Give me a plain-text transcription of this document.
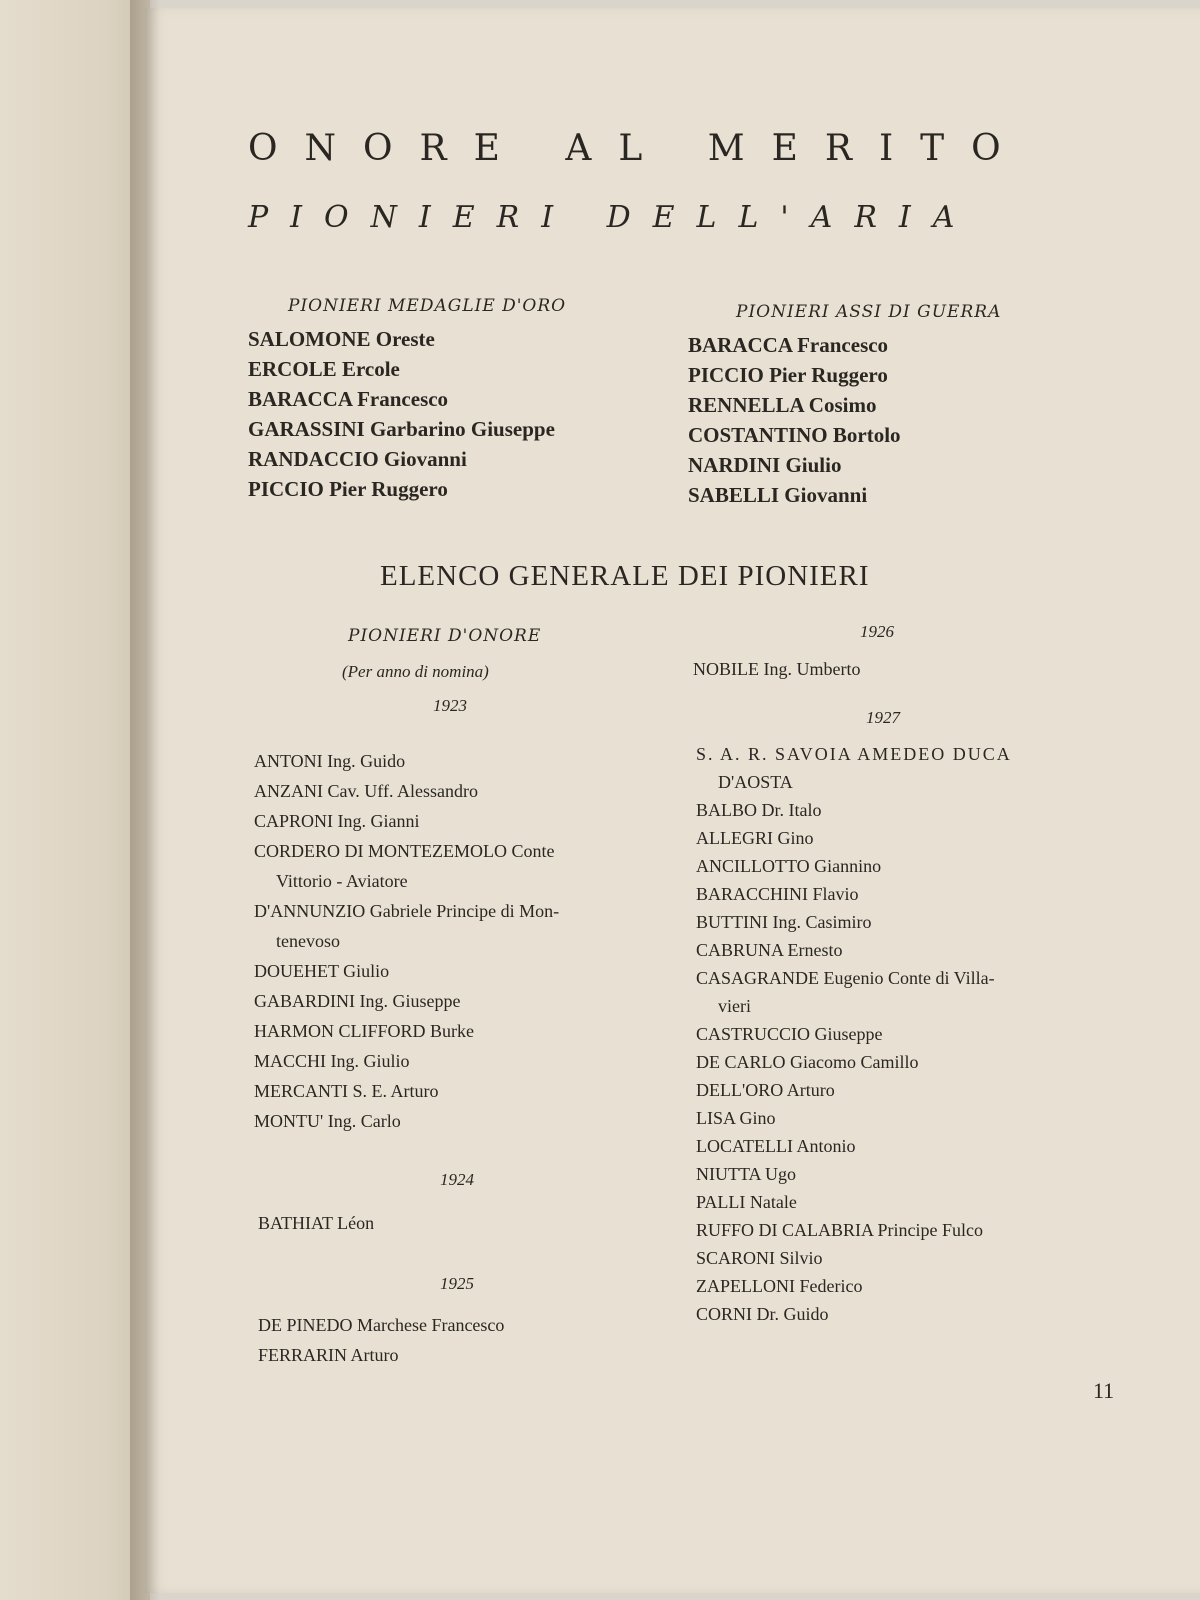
ONORE AL MERITO
PIONIERI DELL'ARIA
PIONIERI MEDAGLIE D'ORO
SALOMONE Oreste
ERCOLE Ercole
BARACCA Francesco
GARASSINI Garbarino Giuseppe
RANDACCIO Giovanni
PICCIO Pier Ruggero
PIONIERI ASSI DI GUERRA
BARACCA Francesco
PICCIO Pier Ruggero
RENNELLA Cosimo
COSTANTINO Bortolo
NARDINI Giulio
SABELLI Giovanni
ELENCO GENERALE DEI PIONIERI
PIONIERI D'ONORE
(Per anno di nomina)
1923
ANTONI Ing. Guido
ANZANI Cav. Uff. Alessandro
CAPRONI Ing. Gianni
CORDERO DI MONTEZEMOLO Conte
Vittorio - Aviatore
D'ANNUNZIO Gabriele Principe di Mon-
tenevoso
DOUEHET Giulio
GABARDINI Ing. Giuseppe
HARMON CLIFFORD Burke
MACCHI Ing. Giulio
MERCANTI S. E. Arturo
MONTU' Ing. Carlo
1924
BATHIAT Léon
1925
DE PINEDO Marchese Francesco
FERRARIN Arturo
1926
NOBILE Ing. Umberto
1927
S. A. R. SAVOIA AMEDEO DUCA
D'AOSTA
BALBO Dr. Italo
ALLEGRI Gino
ANCILLOTTO Giannino
BARACCHINI Flavio
BUTTINI Ing. Casimiro
CABRUNA Ernesto
CASAGRANDE Eugenio Conte di Villa-
vieri
CASTRUCCIO Giuseppe
DE CARLO Giacomo Camillo
DELL'ORO Arturo
LISA Gino
LOCATELLI Antonio
NIUTTA Ugo
PALLI Natale
RUFFO DI CALABRIA Principe Fulco
SCARONI Silvio
ZAPELLONI Federico
CORNI Dr. Guido
11
